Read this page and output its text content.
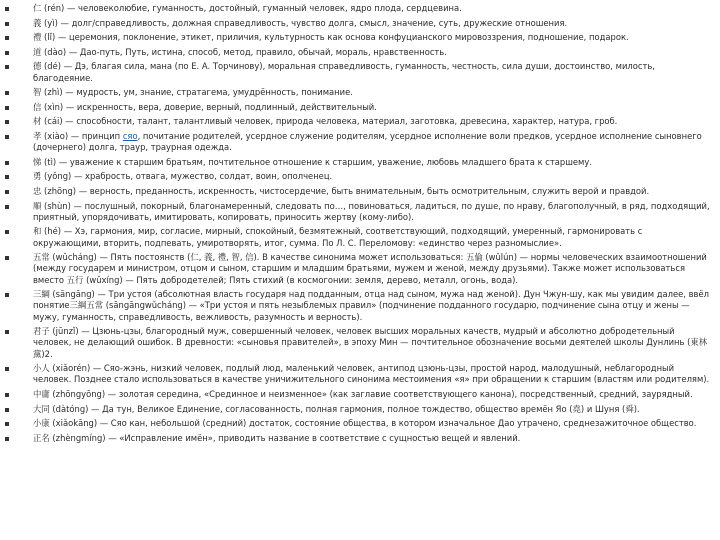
仁 (rén) — человеколюбие, гуманность, достойный, гуманный человек, ядро плода, сердцевина.
義 (yì) — долг/справедливость, должная справедливость, чувство долга, смысл, значение, суть, дружеские отношения.
禮 (lǐ) — церемония, поклонение, этикет, приличия, культурность как основа конфуцианского мировоззрения, подношение, подарок.
道 (dào) — Дао-путь, Путь, истина, способ, метод, правило, обычай, мораль, нравственность.
德 (dé) — Дэ, благая сила, мана (по Е. А. Торчинову), моральная справедливость, гуманность, честность, сила души, достоинство, милость, благодеяние.
智 (zhì) — мудрость, ум, знание, стратагема, умудрённость, понимание.
信 (xìn) — искренность, вера, доверие, верный, подлинный, действительный.
材 (cái) — способности, талант, талантливый человек, природа человека, материал, заготовка, древесина, характер, натура, гроб.
孝 (xiào) — принцип сяо, почитание родителей, усердное служение родителям, усердное исполнение воли предков, усердное исполнение сыновнего (дочернего) долга, траур, траурная одежда.
悌 (tì) — уважение к старшим братьям, почтительное отношение к старшим, уважение, любовь младшего брата к старшему.
勇 (yǒng) — храбрость, отвага, мужество, солдат, воин, ополченец.
忠 (zhōng) — верность, преданность, искренность, чистосердечие, быть внимательным, быть осмотрительным, служить верой и правдой.
順 (shùn) — послушный, покорный, благонамеренный, следовать по…, повиноваться, ладиться, по душе, по нраву, благополучный, в ряд, подходящий, приятный, упорядочивать, имитировать, копировать, приносить жертву (кому-либо).
和 (hé) — Хэ, гармония, мир, согласие, мирный, спокойный, безмятежный, соответствующий, подходящий, умеренный, гармонировать с окружающими, вторить, подпевать, умиротворять, итог, сумма. По Л. С. Переломову: «единство через разномыслие».
五常 (wǔcháng) — Пять постоянств (仁, 義, 禮, 智, 信). В качестве синонима может использоваться: 五倫 (wǔlún) — нормы человеческих взаимоотношений (между государем и министром, отцом и сыном, старшим и младшим братьями, мужем и женой, между друзьями). Также может использоваться вместо 五行 (wǔxíng) — Пять добродетелей; Пять стихий (в космогонии: земля, дерево, металл, огонь, вода).
三綱 (sāngāng) — Три устоя (абсолютная власть государя над подданным, отца над сыном, мужа над женой). Дун Чжун-шу, как мы увидим далее, ввёл понятие三綱五常 (sāngāngwǔcháng) — «Три устоя и пять незыблемых правил» (подчинение подданного государю, подчинение сына отцу и жены — мужу, гуманность, справедливость, вежливость, разумность и верность).
君子 (jūnzǐ) — Цзюнь-цзы, благородный муж, совершенный человек, человек высших моральных качеств, мудрый и абсолютно добродетельный человек, не делающий ошибок. В древности: «сыновья правителей», в эпоху Мин — почтительное обозначение восьми деятелей школы Дунлинь (東林黨)2.
小人 (xiǎorén) — Сяо-жэнь, низкий человек, подлый люд, маленький человек, антипод цзюнь-цзы, простой народ, малодушный, неблагородный человек. Позднее стало использоваться в качестве уничижительного синонима местоимения «я» при обращении к старшим (властям или родителям).
中庸 (zhōngyōng) — золотая середина, «Срединное и неизменное» (как заглавие соответствующего канона), посредственный, средний, заурядный.
大同 (dàtóng) — Да тун, Великое Единение, согласованность, полная гармония, полное тождество, общество времён Яо (堯) и Шуня (舜).
小康 (xiǎokāng) — Сяо кан, небольшой (средний) достаток, состояние общества, в котором изначальное Дао утрачено, среднезажиточное общество.
正名 (zhèngmíng) — «Исправление имён», приводить название в соответствие с сущностью вещей и явлений.
